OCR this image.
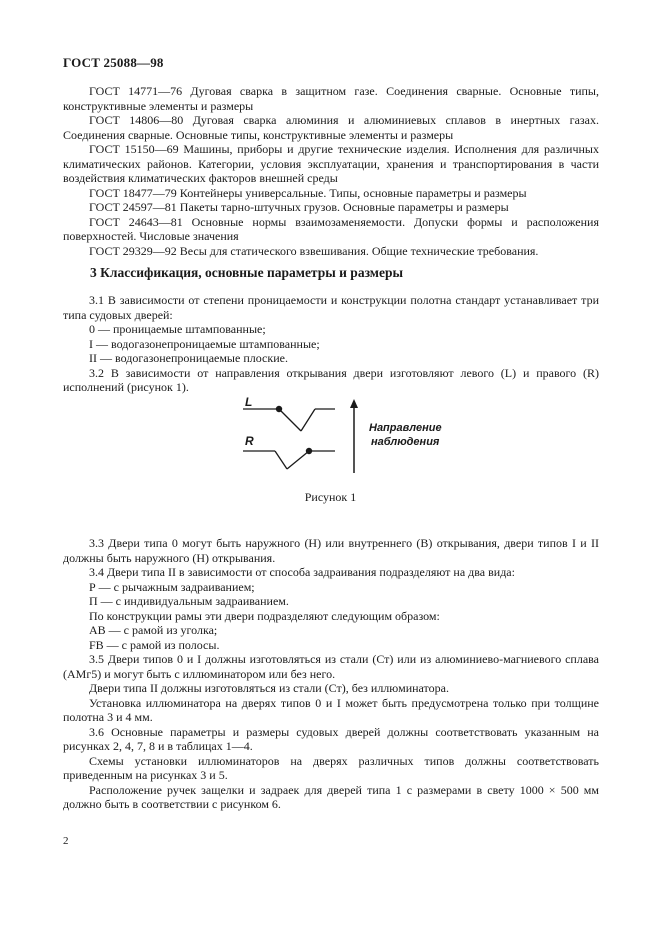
ГОСТ 25088—98

ГОСТ 14771—76 Дуговая сварка в защитном газе. Соединения сварные. Основные типы, конструктивные элементы и размеры

ГОСТ 14806—80 Дуговая сварка алюминия и алюминиевых сплавов в инертных газах. Соединения сварные. Основные типы, конструктивные элементы и размеры

ГОСТ 15150—69 Машины, приборы и другие технические изделия. Исполнения для различных климатических районов. Категории, условия эксплуатации, хранения и транспортирования в части воздействия климатических факторов внешней среды

ГОСТ 18477—79 Контейнеры универсальные. Типы, основные параметры и размеры

ГОСТ 24597—81 Пакеты тарно-штучных грузов. Основные параметры и размеры

ГОСТ 24643—81 Основные нормы взаимозаменяемости. Допуски формы и расположения поверхностей. Числовые значения

ГОСТ 29329—92 Весы для статического взвешивания. Общие технические требования.

3 Классификация, основные параметры и размеры

3.1 В зависимости от степени проницаемости и конструкции полотна стандарт устанавливает три типа судовых дверей:

0 — проницаемые штампованные;

I — водогазонепроницаемые штампованные;

II — водогазонепроницаемые плоские.

3.2 В зависимости от направления открывания двери изготовляют левого (L) и правого (R) исполнений (рисунок 1).

L
R
Направление
наблюдения
Рисунок 1

3.3 Двери типа 0 могут быть наружного (Н) или внутреннего (В) открывания, двери типов I и II должны быть наружного (Н) открывания.

3.4 Двери типа II в зависимости от способа задраивания подразделяют на два вида:

Р — с рычажным задраиванием;

П — с индивидуальным задраиванием.

По конструкции рамы эти двери подразделяют следующим образом:

АВ — с рамой из уголка;

FB — с рамой из полосы.

3.5 Двери типов 0 и I должны изготовляться из стали (Ст) или из алюминиево-магниевого сплава (АМг5) и могут быть с иллюминатором или без него.

Двери типа II должны изготовляться из стали (Ст), без иллюминатора.

Установка иллюминатора на дверях типов 0 и I может быть предусмотрена только при толщине полотна 3 и 4 мм.

3.6 Основные параметры и размеры судовых дверей должны соответствовать указанным на рисунках 2, 4, 7, 8 и в таблицах 1—4.

Схемы установки иллюминаторов на дверях различных типов должны соответствовать приведенным на рисунках 3 и 5.

Расположение ручек защелки и задраек для дверей типа 1 с размерами в свету 1000 × 500 мм должно быть в соответствии с рисунком 6.

2
